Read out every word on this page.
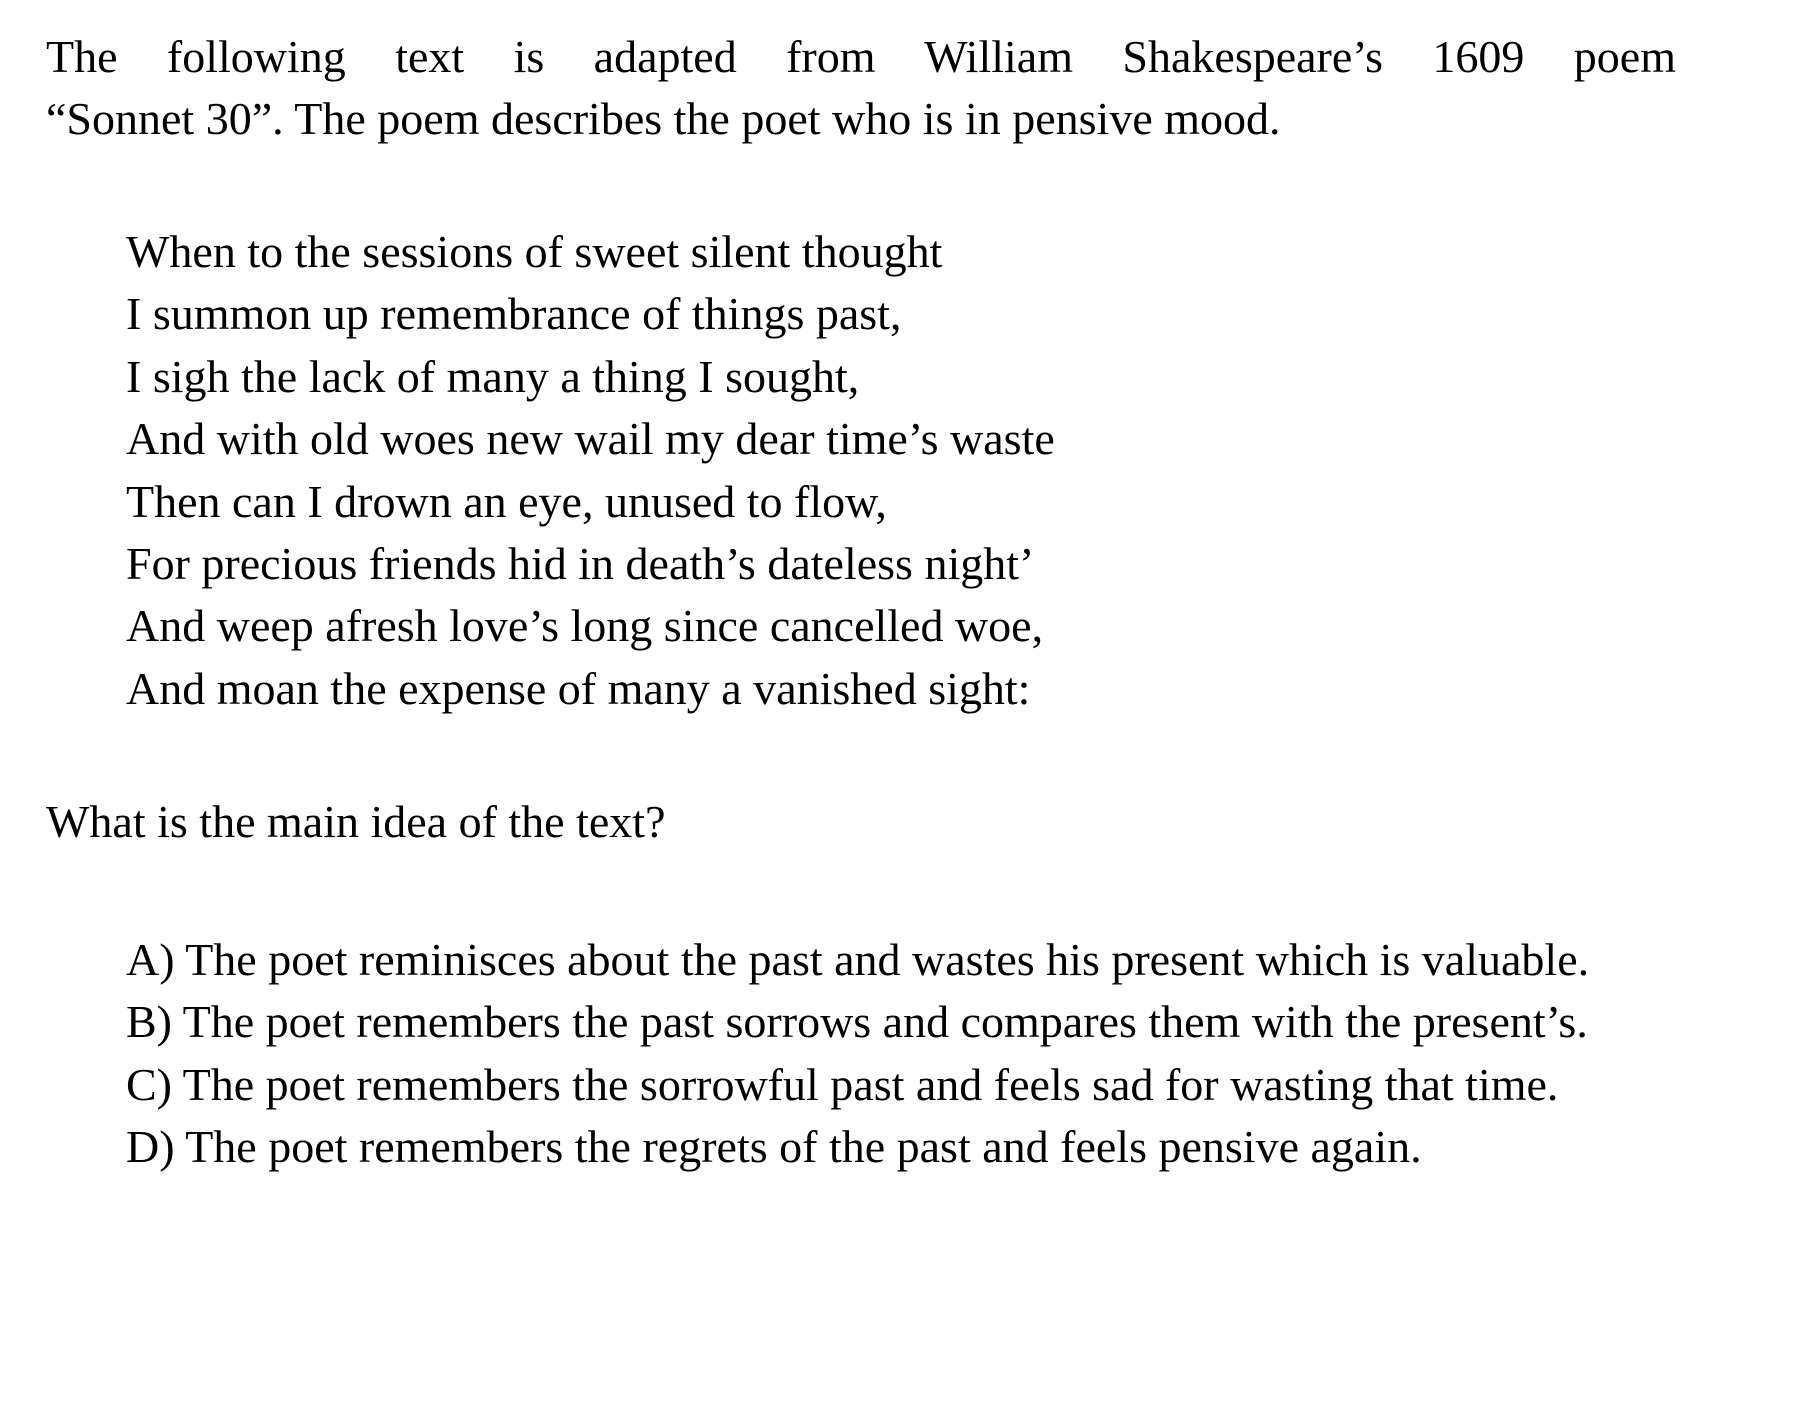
The following text is adapted from William Shakespeare’s 1609 poem
“Sonnet 30”. The poem describes the poet who is in pensive mood.
When to the sessions of sweet silent thought
I summon up remembrance of things past,
I sigh the lack of many a thing I sought,
And with old woes new wail my dear time’s waste
Then can I drown an eye, unused to flow,
For precious friends hid in death’s dateless night’
And weep afresh love’s long since cancelled woe,
And moan the expense of many a vanished sight:
What is the main idea of the text?
A) The poet reminisces about the past and wastes his present which is valuable.
B) The poet remembers the past sorrows and compares them with the present’s.
C) The poet remembers the sorrowful past and feels sad for wasting that time.
D) The poet remembers the regrets of the past and feels pensive again.
